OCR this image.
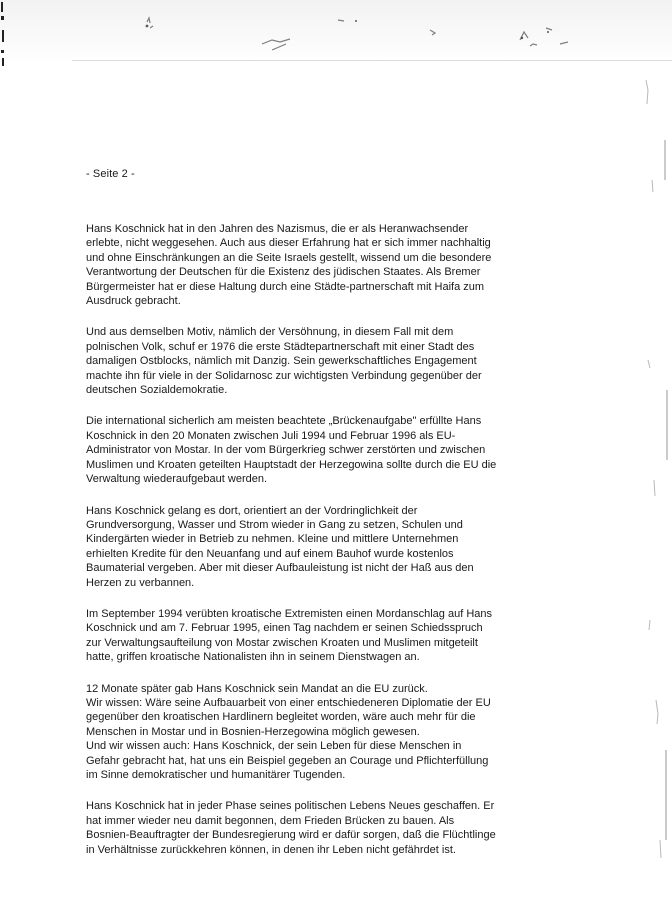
- Seite 2 -

Hans Koschnick hat in den Jahren des Nazismus, die er als Heranwachsender
erlebte, nicht weggesehen. Auch aus dieser Erfahrung hat er sich immer nachhaltig
und ohne Einschränkungen an die Seite Israels gestellt, wissend um die besondere
Verantwortung der Deutschen für die Existenz des jüdischen Staates. Als Bremer
Bürgermeister hat er diese Haltung durch eine Städte-partnerschaft mit Haifa zum
Ausdruck gebracht.

Und aus demselben Motiv, nämlich der Versöhnung, in diesem Fall mit dem
polnischen Volk, schuf er 1976 die erste Städtepartnerschaft mit einer Stadt des
damaligen Ostblocks, nämlich mit Danzig. Sein gewerkschaftliches Engagement
machte ihn für viele in der Solidarnosc zur wichtigsten Verbindung gegenüber der
deutschen Sozialdemokratie.

Die international sicherlich am meisten beachtete „Brückenaufgabe" erfüllte Hans
Koschnick in den 20 Monaten zwischen Juli 1994 und Februar 1996 als EU-
Administrator von Mostar. In der vom Bürgerkrieg schwer zerstörten und zwischen
Muslimen und Kroaten geteilten Hauptstadt der Herzegowina sollte durch die EU die
Verwaltung wiederaufgebaut werden.

Hans Koschnick gelang es dort, orientiert an der Vordringlichkeit der
Grundversorgung, Wasser und Strom wieder in Gang zu setzen, Schulen und
Kindergärten wieder in Betrieb zu nehmen. Kleine und mittlere Unternehmen
erhielten Kredite für den Neuanfang und auf einem Bauhof wurde kostenlos
Baumaterial vergeben. Aber mit dieser Aufbauleistung ist nicht der Haß aus den
Herzen zu verbannen.

Im September 1994 verübten kroatische Extremisten einen Mordanschlag auf Hans
Koschnick und am 7. Februar 1995, einen Tag nachdem er seinen Schiedsspruch
zur Verwaltungsaufteilung von Mostar zwischen Kroaten und Muslimen mitgeteilt
hatte, griffen kroatische Nationalisten ihn in seinem Dienstwagen an.

12 Monate später gab Hans Koschnick sein Mandat an die EU zurück.
Wir wissen: Wäre seine Aufbauarbeit von einer entschiedeneren Diplomatie der EU
gegenüber den kroatischen Hardlinern begleitet worden, wäre auch mehr für die
Menschen in Mostar und in Bosnien-Herzegowina möglich gewesen.
Und wir wissen auch: Hans Koschnick, der sein Leben für diese Menschen in
Gefahr gebracht hat, hat uns ein Beispiel gegeben an Courage und Pflichterfüllung
im Sinne demokratischer und humanitärer Tugenden.

Hans Koschnick hat in jeder Phase seines politischen Lebens Neues geschaffen. Er
hat immer wieder neu damit begonnen, dem Frieden Brücken zu bauen. Als
Bosnien-Beauftragter der Bundesregierung wird er dafür sorgen, daß die Flüchtlinge
in Verhältnisse zurückkehren können, in denen ihr Leben nicht gefährdet ist.
